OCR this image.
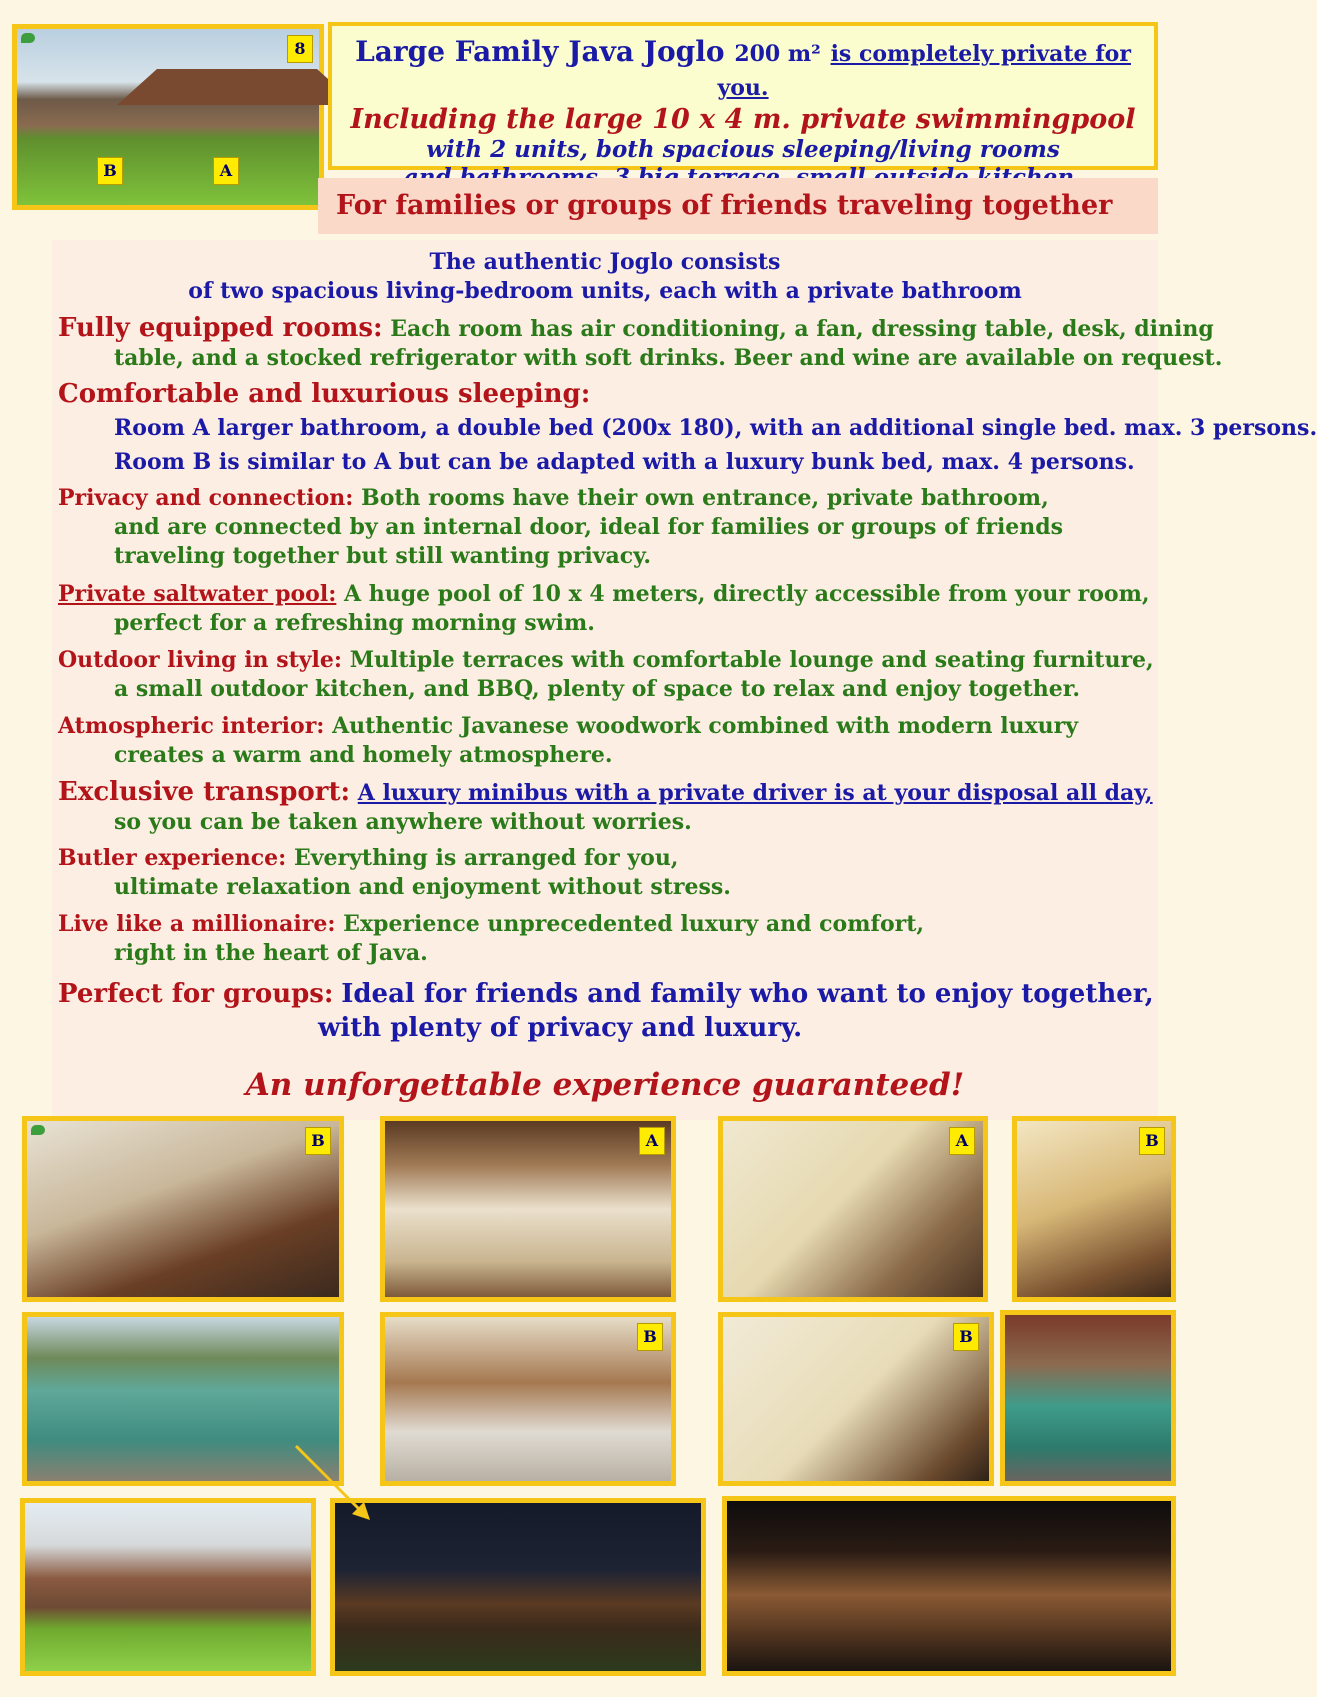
8
B	A
Large Family Java Joglo 200 m² is completely private for you.
Including the large 10 x 4 m. private swimmingpool
with 2 units, both spacious sleeping/living rooms
For families or groups of friends traveling together
The authentic Joglo consists
of two spacious living-bedroom units, each with a private bathroom
Fully equipped rooms: Each room has air conditioning, a fan, dressing table, desk, dining
table, and a stocked refrigerator with soft drinks. Beer and wine are available on request.
Comfortable and luxurious sleeping:
Room A larger bathroom, a double bed (200x 180), with an additional single bed. max. 3 persons.
Room B is similar to A but can be adapted with a luxury bunk bed, max. 4 persons.
Privacy and connection: Both rooms have their own entrance, private bathroom,
and are connected by an internal door, ideal for families or groups of friends
traveling together but still wanting privacy.
Private saltwater pool: A huge pool of 10 x 4 meters, directly accessible from your room,
perfect for a refreshing morning swim.
Outdoor living in style: Multiple terraces with comfortable lounge and seating furniture,
a small outdoor kitchen, and BBQ, plenty of space to relax and enjoy together.
Atmospheric interior: Authentic Javanese woodwork combined with modern luxury
creates a warm and homely atmosphere.
Exclusive transport: A luxury minibus with a private driver is at your disposal all day,
so you can be taken anywhere without worries.
Butler experience: Everything is arranged for you,
ultimate relaxation and enjoyment without stress.
Live like a millionaire: Experience unprecedented luxury and comfort,
right in the heart of Java.
Perfect for groups: Ideal for friends and family who want to enjoy together,
with plenty of privacy and luxury.
An unforgettable experience guaranteed!
B	A	A	B
B	B
